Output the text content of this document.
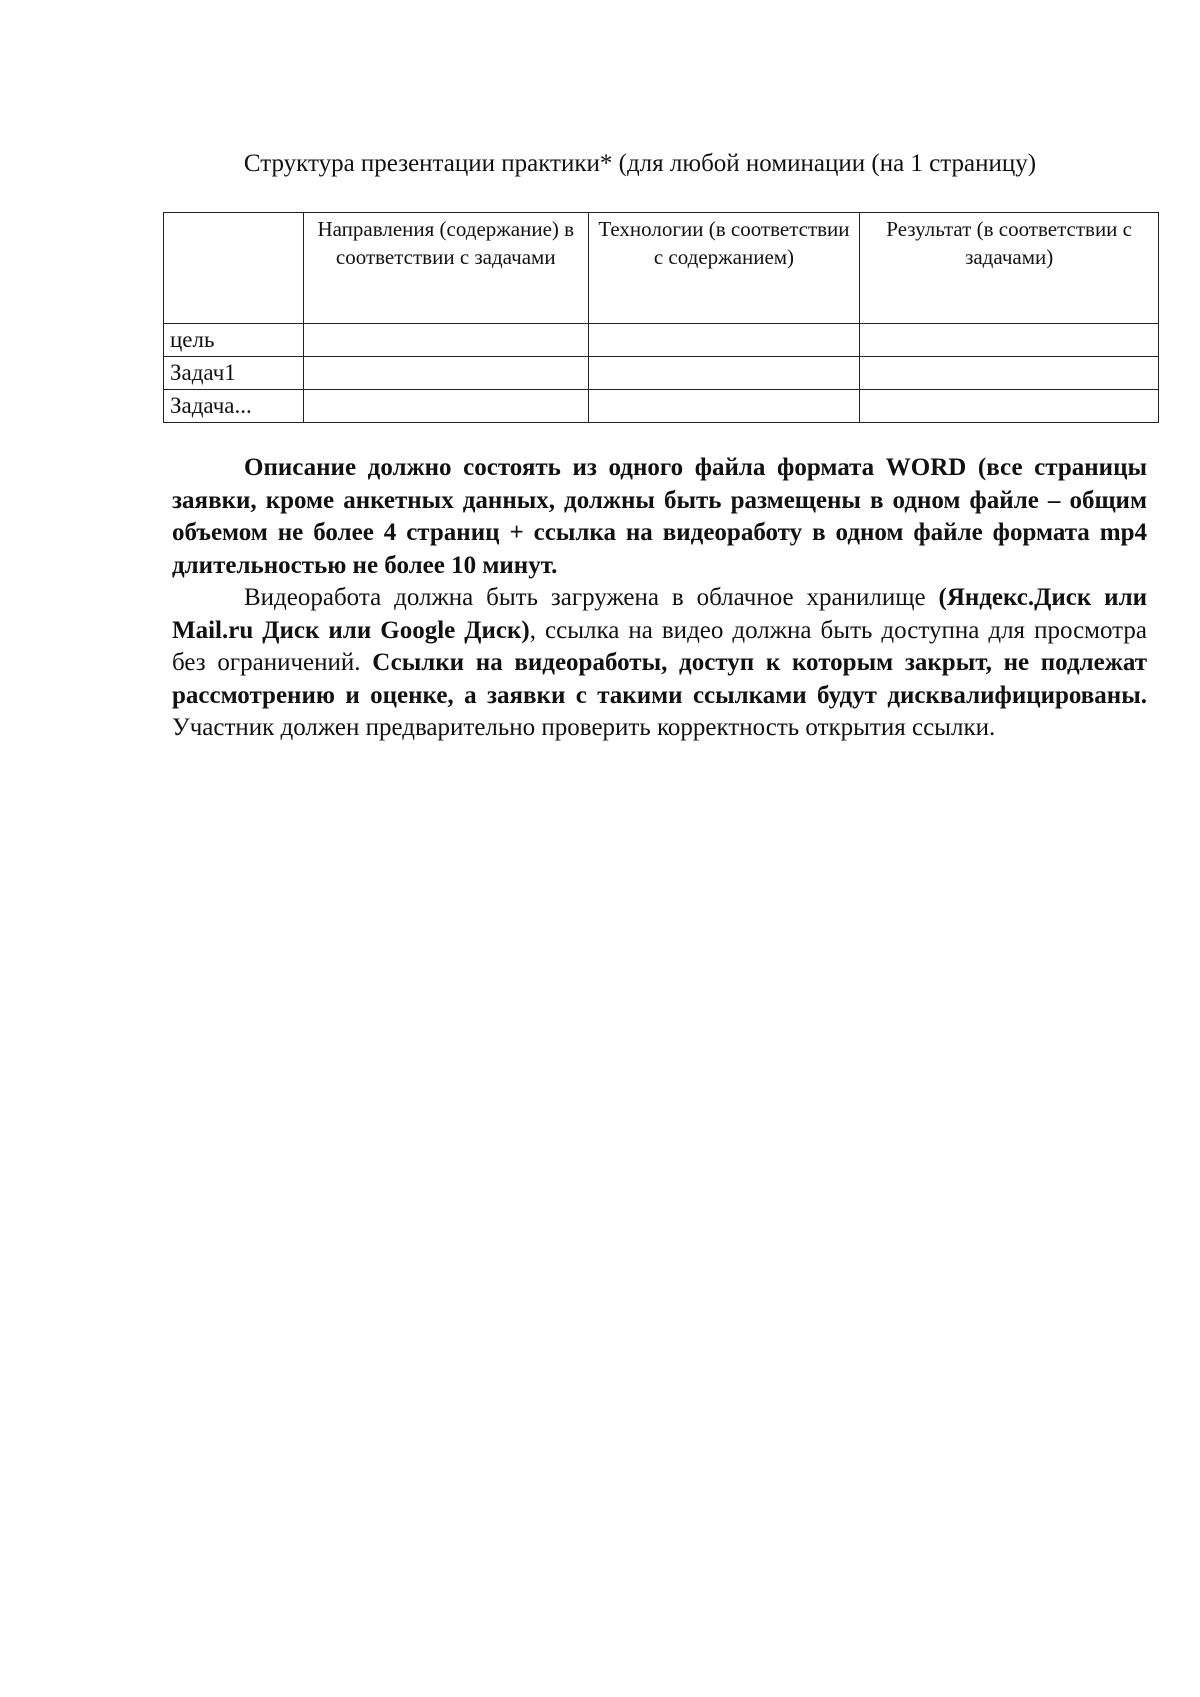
Структура презентации практики* (для любой номинации (на 1 страницу)
	Направления (содержание) в соответствии с задачами	Технологии (в соответствии с содержанием)	Результат (в соответствии с задачами)
цель			
Задач1			
Задача...			

Описание должно состоять из одного файла формата WORD (все страницы заявки, кроме анкетных данных, должны быть размещены в одном файле – общим объемом не более 4 страниц + ссылка на видеоработу в одном файле формата mp4 длительностью не более 10 минут.

Видеоработа должна быть загружена в облачное хранилище (Яндекс.Диск или Mail.ru Диск или Google Диск), ссылка на видео должна быть доступна для просмотра без ограничений. Ссылки на видеоработы, доступ к которым закрыт, не подлежат рассмотрению и оценке, а заявки с такими ссылками будут дисквалифицированы. Участник должен предварительно проверить корректность открытия ссылки.
